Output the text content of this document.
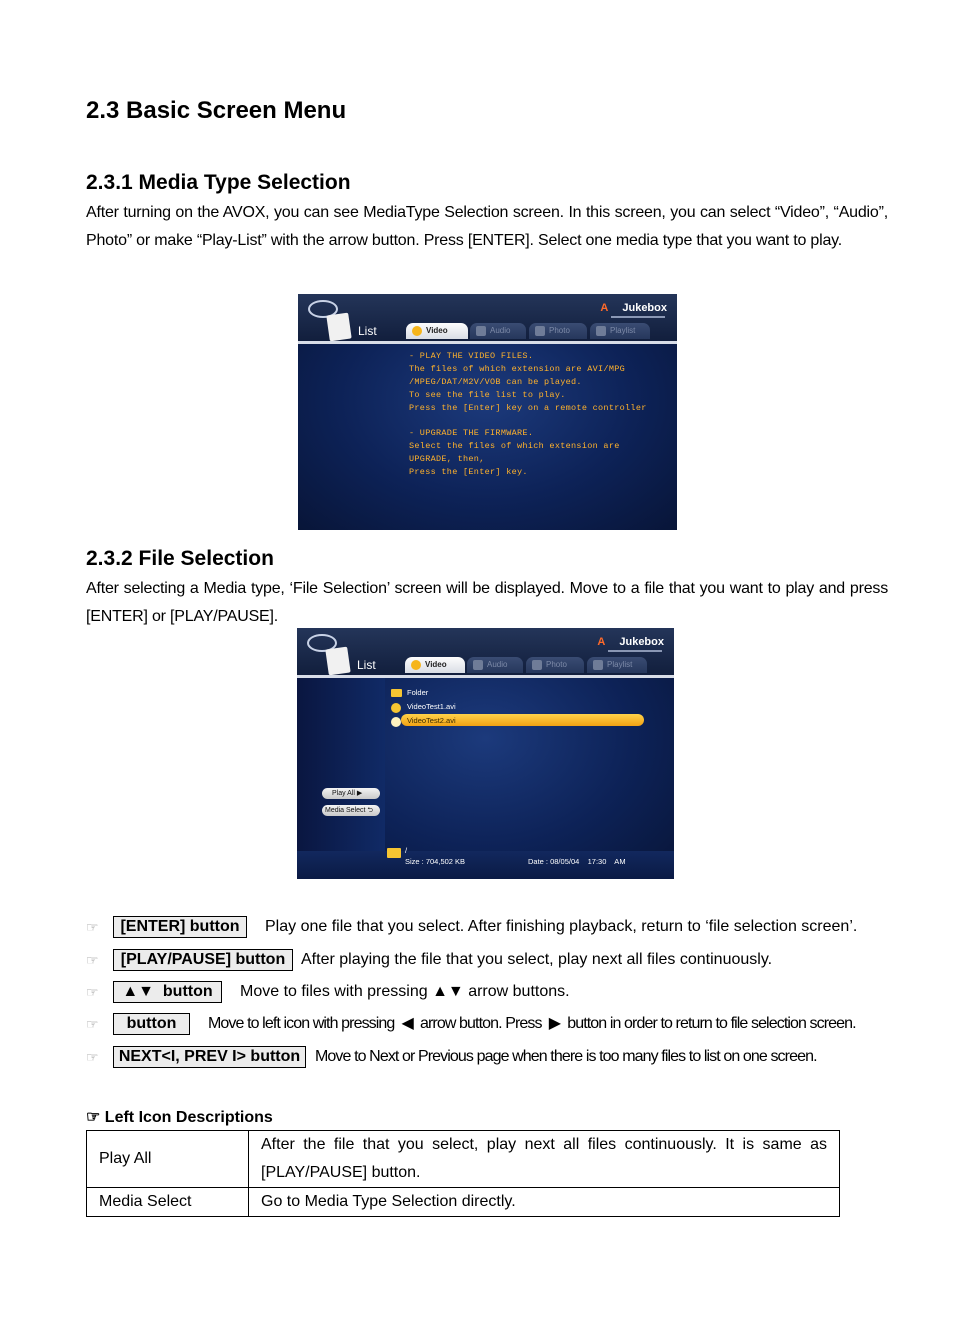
2.3 Basic Screen Menu
2.3.1 Media Type Selection
After turning on the AVOX, you can see MediaType Selection screen. In this screen, you can select “Video”, “Audio”, Photo” or make “Play-List” with the arrow button. Press [ENTER]. Select one media type that you want to play.
List
A Jukebox
Video	Audio	Photo	Playlist
- PLAY THE VIDEO FILES.
The files of which extension are AVI/MPG
/MPEG/DAT/M2V/VOB can be played.
To see the file list to play.
Press the [Enter] key on a remote controller
- UPGRADE THE FIRMWARE.
Select the files of which extension are
UPGRADE, then,
Press the [Enter] key.
2.3.2 File Selection
After selecting a Media type, ‘File Selection’ screen will be displayed. Move to a file that you want to play and press [ENTER] or [PLAY/PAUSE].
List
A Jukebox
Video	Audio	Photo	Playlist
Folder
VideoTest1.avi
VideoTest2.avi
Play All ▶
Media Select ⮌
/
Size : 704,502 KB	Date : 08/05/04    17:30    AM
☞	[ENTER] button	Play one file that you select. After finishing playback, return to ‘file selection screen’.
☞	[PLAY/PAUSE] button After playing the file that you select, play next all files continuously.
☞	▲▼  button	Move to files with pressing ▲▼ arrow buttons.
☞	button	Move to left icon with pressing  ◀  arrow button. Press  ▶  button in order to return to file selection screen.
☞	NEXT<I, PREV I> button Move to Next or Previous page when there is too many files to list on one screen.
☞ Left Icon Descriptions
Play All	After the file that you select, play next all files continuously. It is same as [PLAY/PAUSE] button.
Media Select	Go to Media Type Selection directly.
